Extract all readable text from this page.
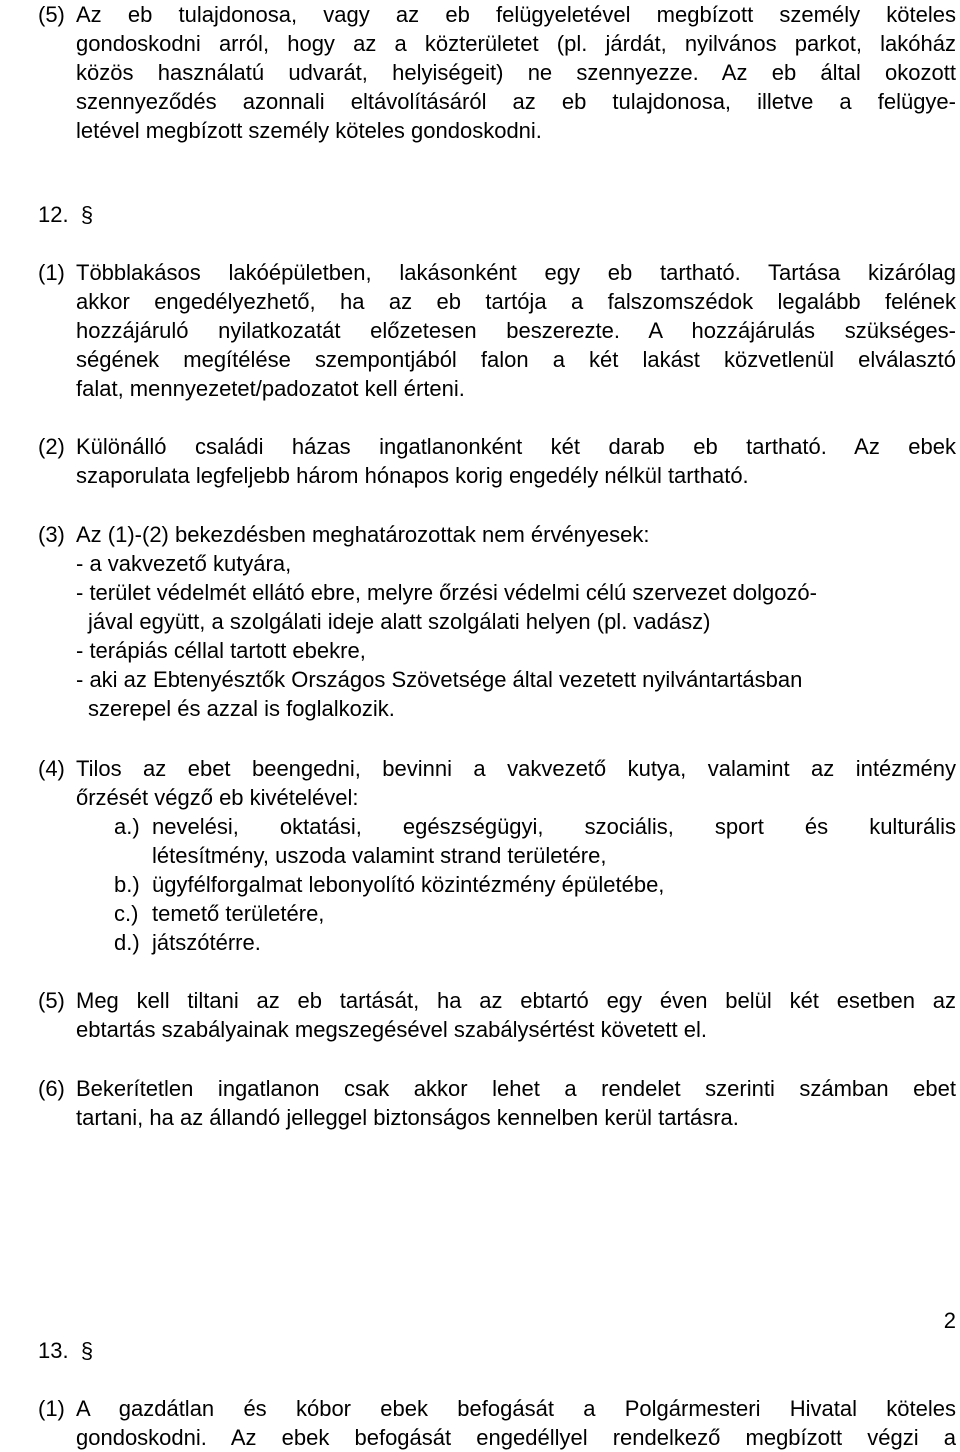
(5) Az eb tulajdonosa, vagy az eb felügyeletével megbízott személy köteles
gondoskodni arról, hogy az a közterületet (pl. járdát, nyilvános parkot, lakóház
közös használatú udvarát, helyiségeit) ne szennyezze. Az eb által okozott
szennyeződés azonnali eltávolításáról az eb tulajdonosa, illetve a felügye-
letével megbízott személy köteles gondoskodni.
12.  §
(1) Többlakásos lakóépületben, lakásonként egy eb tartható. Tartása kizárólag
akkor engedélyezhető, ha az eb tartója a falszomszédok legalább felének
hozzájáruló nyilatkozatát előzetesen beszerezte. A hozzájárulás szükséges-
ségének megítélése szempontjából falon a két lakást közvetlenül elválasztó
falat, mennyezetet/padozatot kell érteni.
(2) Különálló családi házas ingatlanonként két darab eb tartható. Az ebek
szaporulata legfeljebb három hónapos korig engedély nélkül tartható.
(3) Az (1)-(2) bekezdésben meghatározottak nem érvényesek:
- a vakvezető kutyára,
- terület védelmét ellátó ebre, melyre őrzési védelmi célú szervezet dolgozó-
jával együtt, a szolgálati ideje alatt szolgálati helyen (pl. vadász)
- terápiás céllal tartott ebekre,
- aki az Ebtenyésztők Országos Szövetsége által vezetett nyilvántartásban
szerepel és azzal is foglalkozik.
(4) Tilos az ebet beengedni, bevinni a vakvezető kutya, valamint az intézmény
őrzését végző eb kivételével:
a.) nevelési, oktatási, egészségügyi, szociális, sport és kulturális
létesítmény, uszoda valamint strand területére,
b.) ügyfélforgalmat lebonyolító közintézmény épületébe,
c.) temető területére,
d.) játszótérre.
(5) Meg kell tiltani az eb tartását, ha az ebtartó egy éven belül két esetben az
ebtartás szabályainak megszegésével szabálysértést követett el.
(6) Bekerítetlen ingatlanon csak akkor lehet a rendelet szerinti számban ebet
tartani, ha az állandó jelleggel biztonságos kennelben kerül tartásra.
2
13.  §
(1) A gazdátlan és kóbor ebek befogását a Polgármesteri Hivatal köteles
gondoskodni. Az ebek befogását engedéllyel rendelkező megbízott végzi a
